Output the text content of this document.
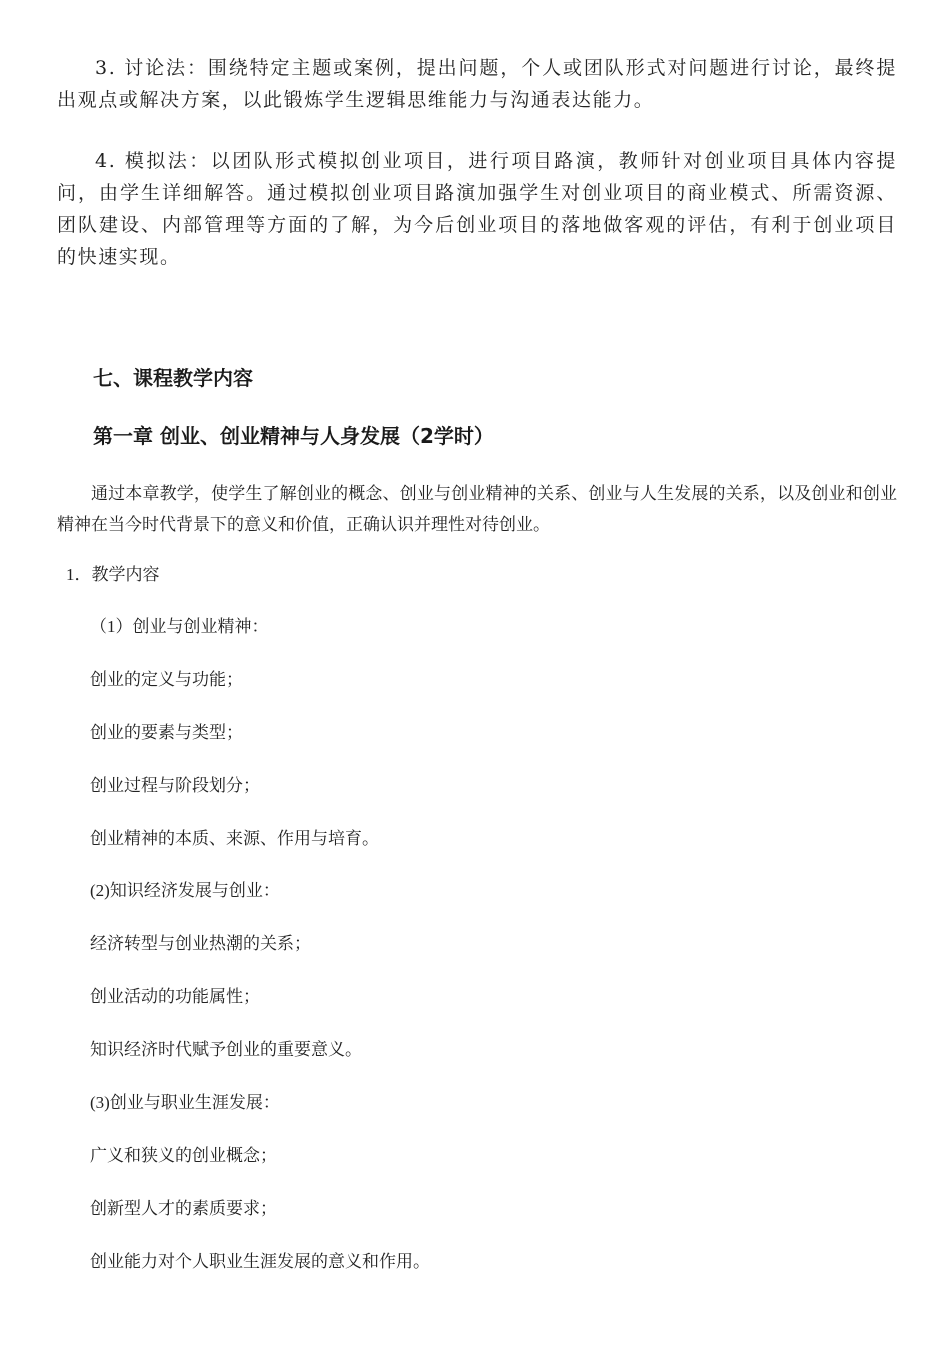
3. 讨论法：围绕特定主题或案例，提出问题，个人或团队形式对问题进行讨论，最终提出观点或解决方案，以此锻炼学生逻辑思维能力与沟通表达能力。

4. 模拟法：以团队形式模拟创业项目，进行项目路演，教师针对创业项目具体内容提问，由学生详细解答。通过模拟创业项目路演加强学生对创业项目的商业模式、所需资源、团队建设、内部管理等方面的了解，为今后创业项目的落地做客观的评估，有利于创业项目的快速实现。

七、课程教学内容
第一章 创业、创业精神与人身发展（2学时）

通过本章教学，使学生了解创业的概念、创业与创业精神的关系、创业与人生发展的关系，以及创业和创业精神在当今时代背景下的意义和价值，正确认识并理性对待创业。

1．教学内容

（1）创业与创业精神：

创业的定义与功能；

创业的要素与类型；

创业过程与阶段划分；

创业精神的本质、来源、作用与培育。

(2)知识经济发展与创业：

经济转型与创业热潮的关系；

创业活动的功能属性；

知识经济时代赋予创业的重要意义。

(3)创业与职业生涯发展：

广义和狭义的创业概念；

创新型人才的素质要求；

创业能力对个人职业生涯发展的意义和作用。
